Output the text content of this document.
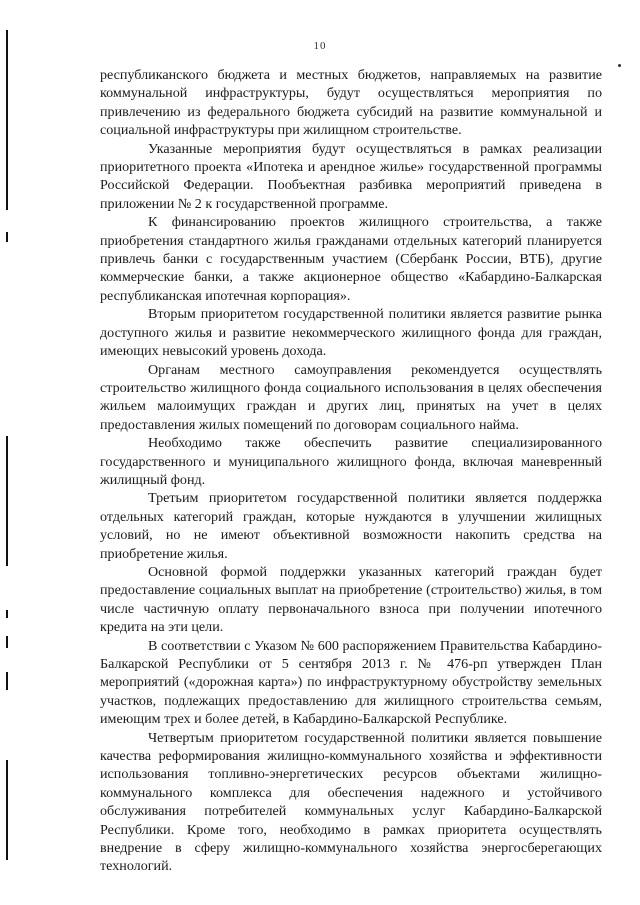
10

республиканского бюджета и местных бюджетов, направляемых на развитие коммунальной инфраструктуры, будут осуществляться мероприятия по привлечению из федерального бюджета субсидий на развитие коммунальной и социальной инфраструктуры при жилищном строительстве.

Указанные мероприятия будут осуществляться в рамках реализации приоритетного проекта «Ипотека и арендное жилье» государственной программы Российской Федерации. Пообъектная разбивка мероприятий приведена в приложении № 2 к государственной программе.

К финансированию проектов жилищного строительства, а также приобретения стандартного жилья гражданами отдельных категорий планируется привлечь банки с государственным участием (Сбербанк России, ВТБ), другие коммерческие банки, а также акционерное общество «Кабардино-Балкарская республиканская ипотечная корпорация».

Вторым приоритетом государственной политики является развитие рынка доступного жилья и развитие некоммерческого жилищного фонда для граждан, имеющих невысокий уровень дохода.

Органам местного самоуправления рекомендуется осуществлять строительство жилищного фонда социального использования в целях обеспечения жильем малоимущих граждан и других лиц, принятых на учет в целях предоставления жилых помещений по договорам социального найма.

Необходимо также обеспечить развитие специализированного государственного и муниципального жилищного фонда, включая маневренный жилищный фонд.

Третьим приоритетом государственной политики является поддержка отдельных категорий граждан, которые нуждаются в улучшении жилищных условий, но не имеют объективной возможности накопить средства на приобретение жилья.

Основной формой поддержки указанных категорий граждан будет предоставление социальных выплат на приобретение (строительство) жилья, в том числе частичную оплату первоначального взноса при получении ипотечного кредита на эти цели.

В соответствии с Указом № 600 распоряжением Правительства Кабардино-Балкарской Республики от 5 сентября 2013 г. № 476-рп утвержден План мероприятий («дорожная карта») по инфраструктурному обустройству земельных участков, подлежащих предоставлению для жилищного строительства семьям, имеющим трех и более детей, в Кабардино-Балкарской Республике.

Четвертым приоритетом государственной политики является повышение качества реформирования жилищно-коммунального хозяйства и эффективности использования топливно-энергетических ресурсов объектами жилищно-коммунального комплекса для обеспечения надежного и устойчивого обслуживания потребителей коммунальных услуг Кабардино-Балкарской Республики. Кроме того, необходимо в рамках приоритета осуществлять внедрение в сферу жилищно-коммунального хозяйства энергосберегающих технологий.
